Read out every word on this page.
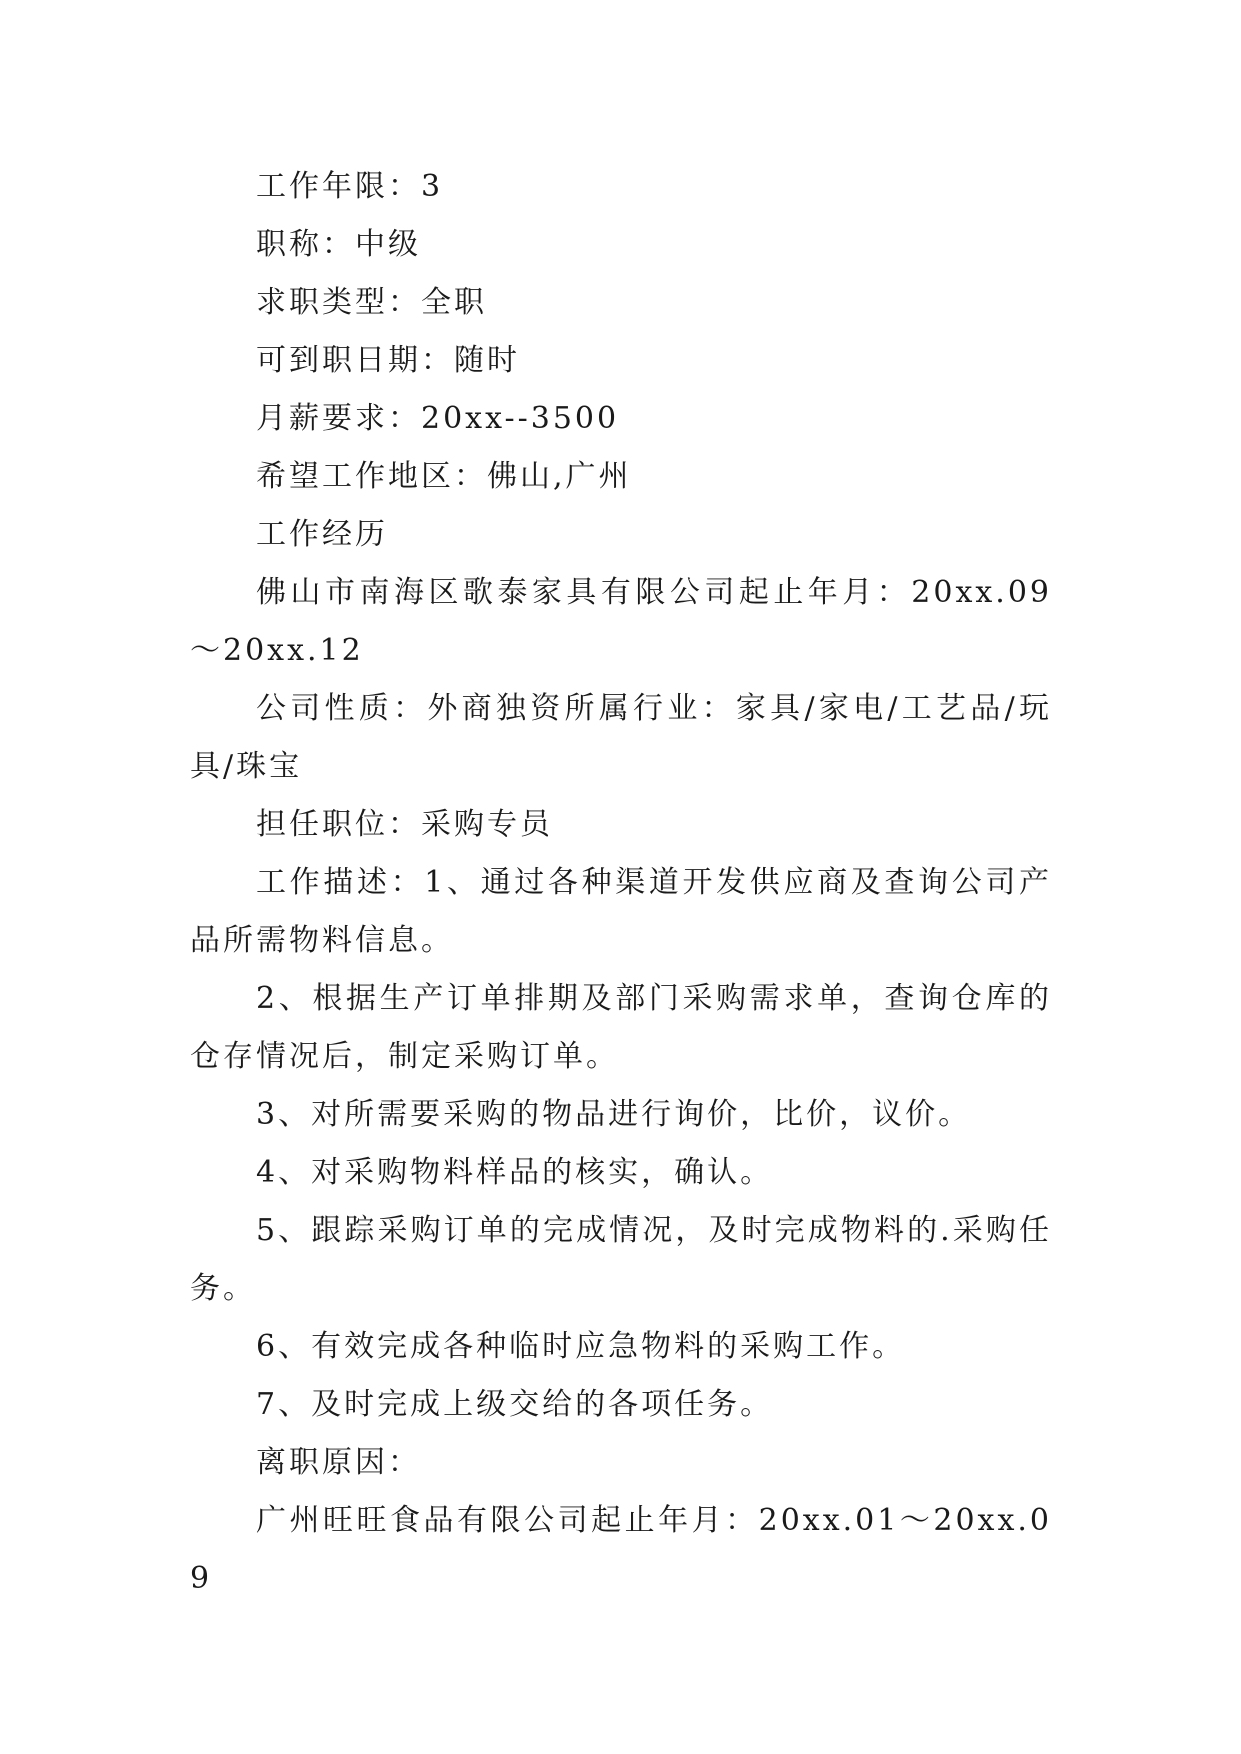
工作年限：3

职称：中级

求职类型：全职

可到职日期：随时

月薪要求：20xx--3500

希望工作地区：佛山,广州

工作经历

佛山市南海区歌泰家具有限公司起止年月：20xx.09～20xx.12

公司性质：外商独资所属行业：家具/家电/工艺品/玩具/珠宝

担任职位：采购专员

工作描述：1、通过各种渠道开发供应商及查询公司产品所需物料信息。

2、根据生产订单排期及部门采购需求单，查询仓库的仓存情况后，制定采购订单。

3、对所需要采购的物品进行询价，比价，议价。

4、对采购物料样品的核实，确认。

5、跟踪采购订单的完成情况，及时完成物料的.采购任务。

6、有效完成各种临时应急物料的采购工作。

7、及时完成上级交给的各项任务。

离职原因：

广州旺旺食品有限公司起止年月：20xx.01～20xx.09
